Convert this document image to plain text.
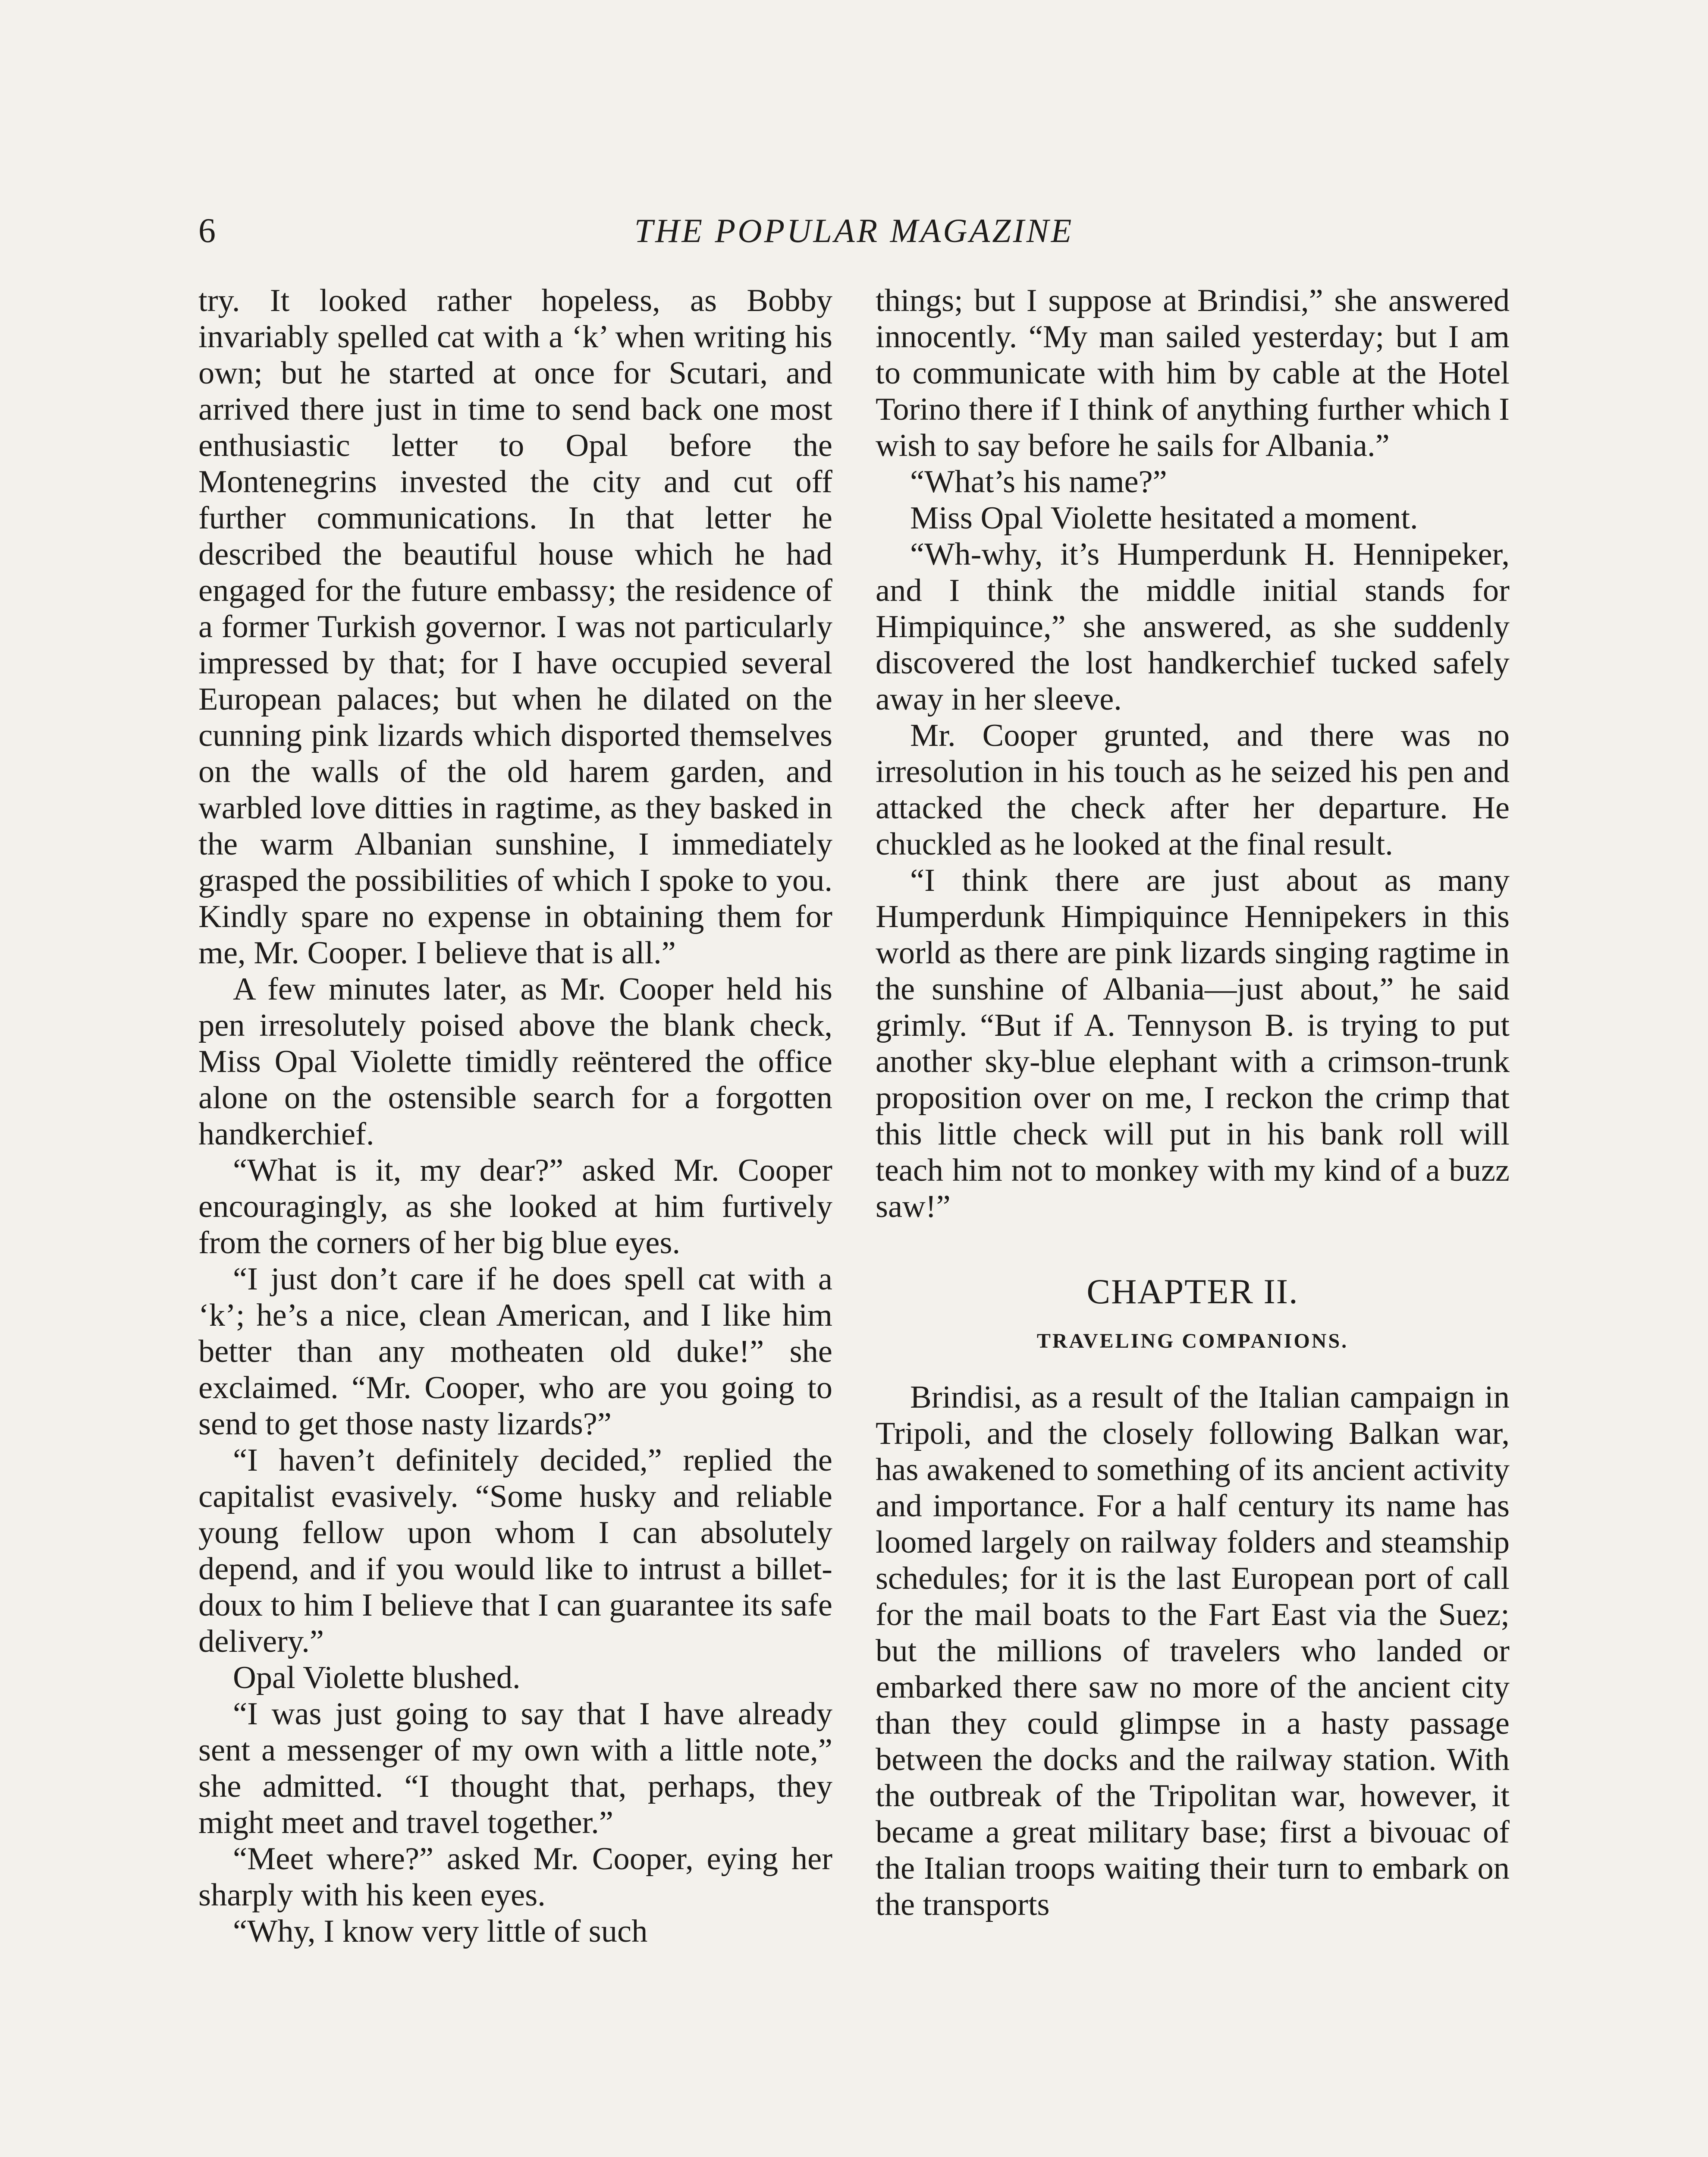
6	THE POPULAR MAGAZINE

try. It looked rather hopeless, as Bobby invariably spelled cat with a ‘k’ when writing his own; but he started at once for Scutari, and arrived there just in time to send back one most enthusiastic letter to Opal before the Montenegrins invested the city and cut off further communications. In that letter he described the beautiful house which he had engaged for the future embassy; the residence of a former Turkish governor. I was not particularly impressed by that; for I have occupied several European palaces; but when he dilated on the cunning pink lizards which disported themselves on the walls of the old harem garden, and warbled love ditties in ragtime, as they basked in the warm Albanian sunshine, I immediately grasped the possibilities of which I spoke to you. Kindly spare no expense in obtaining them for me, Mr. Cooper. I believe that is all.”

A few minutes later, as Mr. Cooper held his pen irresolutely poised above the blank check, Miss Opal Violette timidly reëntered the office alone on the ostensible search for a forgotten handkerchief.

“What is it, my dear?” asked Mr. Cooper encouragingly, as she looked at him furtively from the corners of her big blue eyes.

“I just don’t care if he does spell cat with a ‘k’; he’s a nice, clean American, and I like him better than any motheaten old duke!” she exclaimed. “Mr. Cooper, who are you going to send to get those nasty lizards?”

“I haven’t definitely decided,” replied the capitalist evasively. “Some husky and reliable young fellow upon whom I can absolutely depend, and if you would like to intrust a billet-doux to him I believe that I can guarantee its safe delivery.”

Opal Violette blushed.

“I was just going to say that I have already sent a messenger of my own with a little note,” she admitted. “I thought that, perhaps, they might meet and travel together.”

“Meet where?” asked Mr. Cooper, eying her sharply with his keen eyes.

“Why, I know very little of such

things; but I suppose at Brindisi,” she answered innocently. “My man sailed yesterday; but I am to communicate with him by cable at the Hotel Torino there if I think of anything further which I wish to say before he sails for Albania.”

“What’s his name?”

Miss Opal Violette hesitated a moment.

“Wh-why, it’s Humperdunk H. Hennipeker, and I think the middle initial stands for Himpiquince,” she answered, as she suddenly discovered the lost handkerchief tucked safely away in her sleeve.

Mr. Cooper grunted, and there was no irresolution in his touch as he seized his pen and attacked the check after her departure. He chuckled as he looked at the final result.

“I think there are just about as many Humperdunk Himpiquince Hennipekers in this world as there are pink lizards singing ragtime in the sunshine of Albania—just about,” he said grimly. “But if A. Tennyson B. is trying to put another sky-blue elephant with a crimson-trunk proposition over on me, I reckon the crimp that this little check will put in his bank roll will teach him not to monkey with my kind of a buzz saw!”

CHAPTER II.
TRAVELING COMPANIONS.

Brindisi, as a result of the Italian campaign in Tripoli, and the closely following Balkan war, has awakened to something of its ancient activity and importance. For a half century its name has loomed largely on railway folders and steamship schedules; for it is the last European port of call for the mail boats to the Fart East via the Suez; but the millions of travelers who landed or embarked there saw no more of the ancient city than they could glimpse in a hasty passage between the docks and the railway station. With the outbreak of the Tripolitan war, however, it became a great military base; first a bivouac of the Italian troops waiting their turn to embark on the transports
